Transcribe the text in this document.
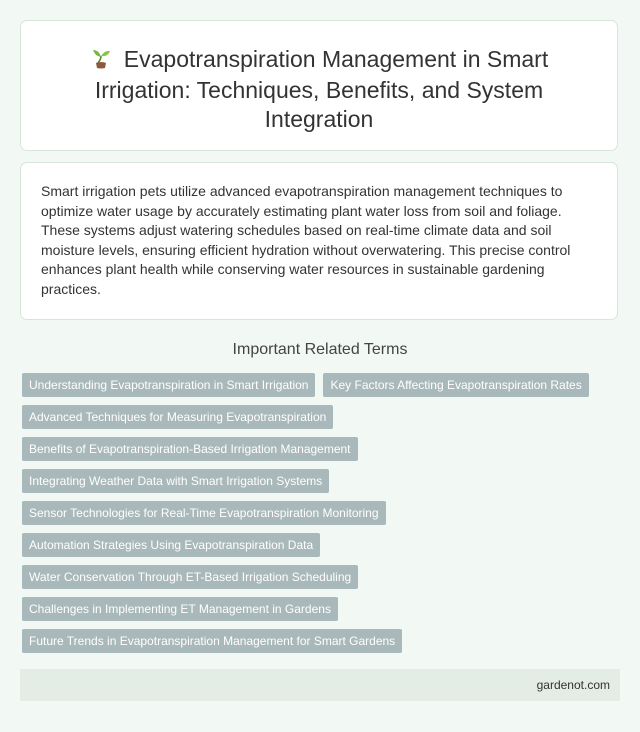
Evapotranspiration Management in Smart Irrigation: Techniques, Benefits, and System Integration

Smart irrigation pets utilize advanced evapotranspiration management techniques to optimize water usage by accurately estimating plant water loss from soil and foliage. These systems adjust watering schedules based on real-time climate data and soil moisture levels, ensuring efficient hydration without overwatering. This precise control enhances plant health while conserving water resources in sustainable gardening practices.

Important Related Terms
Understanding Evapotranspiration in Smart Irrigation	Key Factors Affecting Evapotranspiration Rates
Advanced Techniques for Measuring Evapotranspiration
Benefits of Evapotranspiration-Based Irrigation Management
Integrating Weather Data with Smart Irrigation Systems
Sensor Technologies for Real-Time Evapotranspiration Monitoring
Automation Strategies Using Evapotranspiration Data
Water Conservation Through ET-Based Irrigation Scheduling
Challenges in Implementing ET Management in Gardens
Future Trends in Evapotranspiration Management for Smart Gardens
gardenot.com
